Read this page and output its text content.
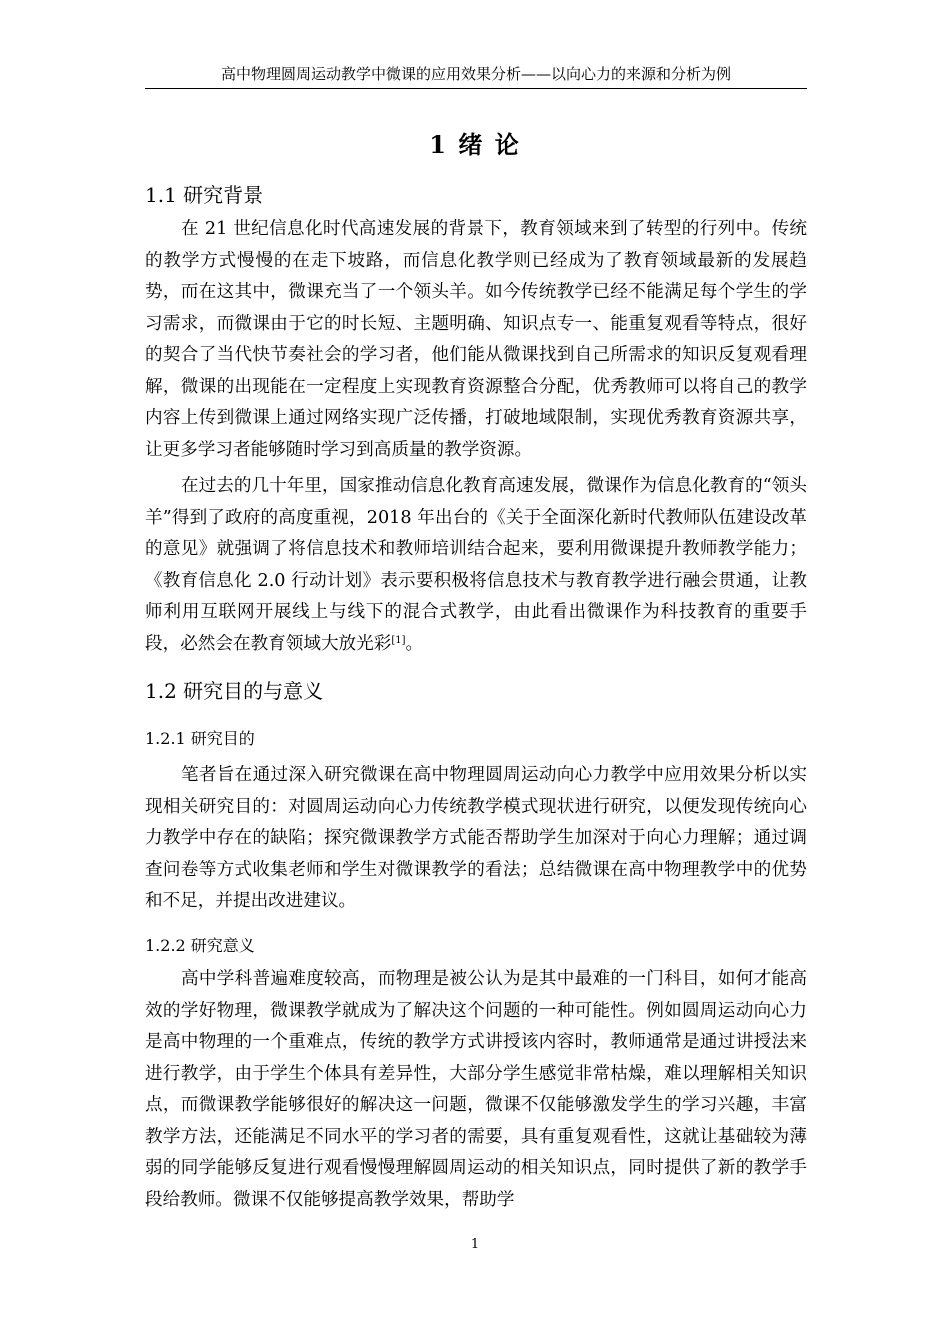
高中物理圆周运动教学中微课的应用效果分析——以向心力的来源和分析为例
1 绪 论
1.1 研究背景
在 21 世纪信息化时代高速发展的背景下，教育领域来到了转型的行列中。传统的教学方式慢慢的在走下坡路，而信息化教学则已经成为了教育领域最新的发展趋势，而在这其中，微课充当了一个领头羊。如今传统教学已经不能满足每个学生的学习需求，而微课由于它的时长短、主题明确、知识点专一、能重复观看等特点，很好的契合了当代快节奏社会的学习者，他们能从微课找到自己所需求的知识反复观看理解，微课的出现能在一定程度上实现教育资源整合分配，优秀教师可以将自己的教学内容上传到微课上通过网络实现广泛传播，打破地域限制，实现优秀教育资源共享，让更多学习者能够随时学习到高质量的教学资源。
在过去的几十年里，国家推动信息化教育高速发展，微课作为信息化教育的“领头羊”得到了政府的高度重视，2018 年出台的《关于全面深化新时代教师队伍建设改革的意见》就强调了将信息技术和教师培训结合起来，要利用微课提升教师教学能力；《教育信息化 2.0 行动计划》表示要积极将信息技术与教育教学进行融会贯通，让教师利用互联网开展线上与线下的混合式教学，由此看出微课作为科技教育的重要手段，必然会在教育领域大放光彩[1]。
1.2 研究目的与意义
1.2.1 研究目的
笔者旨在通过深入研究微课在高中物理圆周运动向心力教学中应用效果分析以实现相关研究目的：对圆周运动向心力传统教学模式现状进行研究，以便发现传统向心力教学中存在的缺陷；探究微课教学方式能否帮助学生加深对于向心力理解；通过调查问卷等方式收集老师和学生对微课教学的看法；总结微课在高中物理教学中的优势和不足，并提出改进建议。
1.2.2 研究意义
高中学科普遍难度较高，而物理是被公认为是其中最难的一门科目，如何才能高效的学好物理，微课教学就成为了解决这个问题的一种可能性。例如圆周运动向心力是高中物理的一个重难点，传统的教学方式讲授该内容时，教师通常是通过讲授法来进行教学，由于学生个体具有差异性，大部分学生感觉非常枯燥，难以理解相关知识点，而微课教学能够很好的解决这一问题，微课不仅能够激发学生的学习兴趣，丰富教学方法，还能满足不同水平的学习者的需要，具有重复观看性，这就让基础较为薄弱的同学能够反复进行观看慢慢理解圆周运动的相关知识点，同时提供了新的教学手段给教师。微课不仅能够提高教学效果，帮助学
1
